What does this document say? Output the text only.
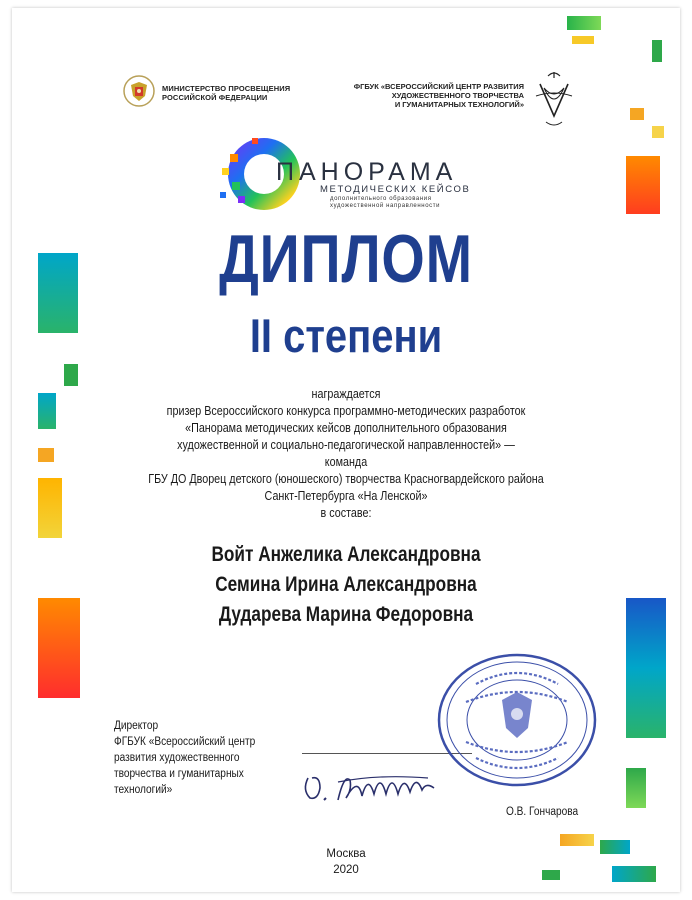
МИНИСТЕРСТВО ПРОСВЕЩЕНИЯ
РОССИЙСКОЙ ФЕДЕРАЦИИ
ФГБУК «ВСЕРОССИЙСКИЙ ЦЕНТР РАЗВИТИЯ
ХУДОЖЕСТВЕННОГО ТВОРЧЕСТВА
И ГУМАНИТАРНЫХ ТЕХНОЛОГИЙ»
ПАНОРАМА
МЕТОДИЧЕСКИХ КЕЙСОВ
дополнительного образования
художественной направленности
ДИПЛОМ
II степени
награждается
призер Всероссийского конкурса программно-методических разработок
«Панорама методических кейсов дополнительного образования
художественной и социально-педагогической направленностей» —
команда
ГБУ ДО Дворец детского (юношеского) творчества Красногвардейского района
Санкт-Петербурга «На Ленской»
в составе:
Войт Анжелика Александровна
Семина Ирина Александровна
Дударева Марина Федоровна
Директор
ФГБУК «Всероссийский центр
развития художественного
творчества и гуманитарных
технологий»
О.В. Гончарова
Москва
2020
